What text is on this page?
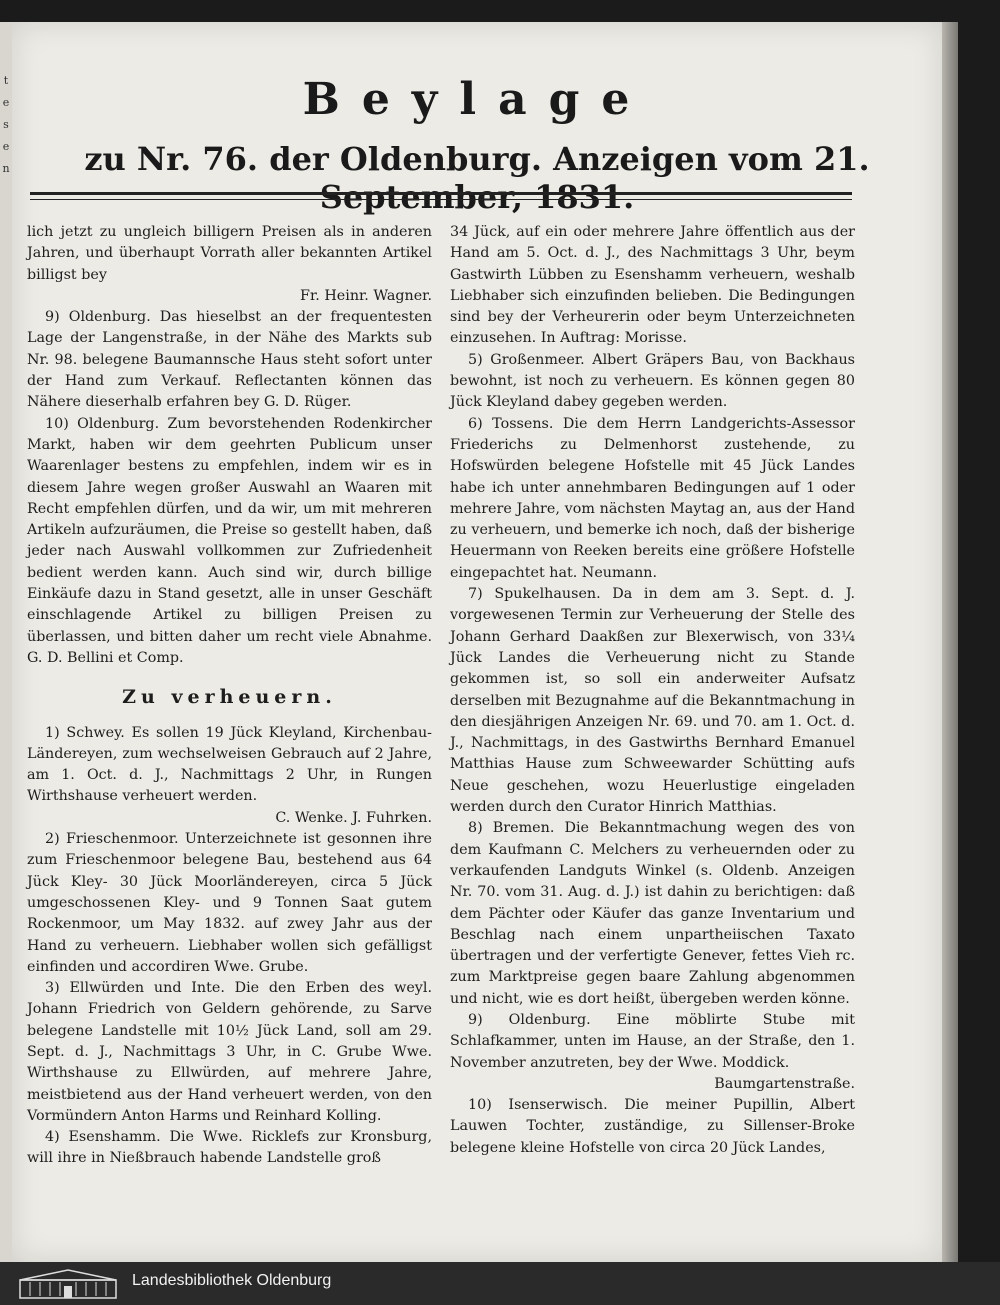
t
e
s
e
n
Beylage
zu Nr. 76. der Oldenburg. Anzeigen vom 21. September, 1831.

lich jetzt zu ungleich billigern Preisen als in anderen Jahren, und überhaupt Vorrath aller bekannten Artikel billigst bey

Fr. Heinr. Wagner.

9) Oldenburg. Das hieselbst an der frequentesten Lage der Langenstraße, in der Nähe des Markts sub Nr. 98. belegene Baumannsche Haus steht sofort unter der Hand zum Verkauf. Reflectanten können das Nähere dieserhalb erfahren bey G. D. Rüger.

10) Oldenburg. Zum bevorstehenden Rodenkircher Markt, haben wir dem geehrten Publicum unser Waarenlager bestens zu empfehlen, indem wir es in diesem Jahre wegen großer Auswahl an Waaren mit Recht empfehlen dürfen, und da wir, um mit mehreren Artikeln aufzuräumen, die Preise so gestellt haben, daß jeder nach Auswahl vollkommen zur Zufriedenheit bedient werden kann. Auch sind wir, durch billige Einkäufe dazu in Stand gesetzt, alle in unser Geschäft einschlagende Artikel zu billigen Preisen zu überlassen, und bitten daher um recht viele Abnahme. G. D. Bellini et Comp.

Zu verheuern.

1) Schwey. Es sollen 19 Jück Kleyland, Kirchenbau-Ländereyen, zum wechselweisen Gebrauch auf 2 Jahre, am 1. Oct. d. J., Nachmittags 2 Uhr, in Rungen Wirthshause verheuert werden.

C. Wenke. J. Fuhrken.

2) Frieschenmoor. Unterzeichnete ist gesonnen ihre zum Frieschenmoor belegene Bau, bestehend aus 64 Jück Kley- 30 Jück Moorländereyen, circa 5 Jück umgeschossenen Kley- und 9 Tonnen Saat gutem Rockenmoor, um May 1832. auf zwey Jahr aus der Hand zu verheuern. Liebhaber wollen sich gefälligst einfinden und accordiren Wwe. Grube.

3) Ellwürden und Inte. Die den Erben des weyl. Johann Friedrich von Geldern gehörende, zu Sarve belegene Landstelle mit 10½ Jück Land, soll am 29. Sept. d. J., Nachmittags 3 Uhr, in C. Grube Wwe. Wirthshause zu Ellwürden, auf mehrere Jahre, meistbietend aus der Hand verheuert werden, von den Vormündern Anton Harms und Reinhard Kolling.

4) Esenshamm. Die Wwe. Ricklefs zur Kronsburg, will ihre in Nießbrauch habende Landstelle groß

34 Jück, auf ein oder mehrere Jahre öffentlich aus der Hand am 5. Oct. d. J., des Nachmittags 3 Uhr, beym Gastwirth Lübben zu Esenshamm verheuern, weshalb Liebhaber sich einzufinden belieben. Die Bedingungen sind bey der Verheurerin oder beym Unterzeichneten einzusehen. In Auftrag: Morisse.

5) Großenmeer. Albert Gräpers Bau, von Backhaus bewohnt, ist noch zu verheuern. Es können gegen 80 Jück Kleyland dabey gegeben werden.

6) Tossens. Die dem Herrn Landgerichts-Assessor Friederichs zu Delmenhorst zustehende, zu Hofswürden belegene Hofstelle mit 45 Jück Landes habe ich unter annehmbaren Bedingungen auf 1 oder mehrere Jahre, vom nächsten Maytag an, aus der Hand zu verheuern, und bemerke ich noch, daß der bisherige Heuermann von Reeken bereits eine größere Hofstelle eingepachtet hat. Neumann.

7) Spukelhausen. Da in dem am 3. Sept. d. J. vorgewesenen Termin zur Verheuerung der Stelle des Johann Gerhard Daakßen zur Blexerwisch, von 33¼ Jück Landes die Verheuerung nicht zu Stande gekommen ist, so soll ein anderweiter Aufsatz derselben mit Bezugnahme auf die Bekanntmachung in den diesjährigen Anzeigen Nr. 69. und 70. am 1. Oct. d. J., Nachmittags, in des Gastwirths Bernhard Emanuel Matthias Hause zum Schweewarder Schütting aufs Neue geschehen, wozu Heuerlustige eingeladen werden durch den Curator Hinrich Matthias.

8) Bremen. Die Bekanntmachung wegen des von dem Kaufmann C. Melchers zu verheuernden oder zu verkaufenden Landguts Winkel (s. Oldenb. Anzeigen Nr. 70. vom 31. Aug. d. J.) ist dahin zu berichtigen: daß dem Pächter oder Käufer das ganze Inventarium und Beschlag nach einem unpartheiischen Taxato übertragen und der verfertigte Genever, fettes Vieh rc. zum Marktpreise gegen baare Zahlung abgenommen und nicht, wie es dort heißt, übergeben werden könne.

9) Oldenburg. Eine möblirte Stube mit Schlafkammer, unten im Hause, an der Straße, den 1. November anzutreten, bey der Wwe. Moddick.

Baumgartenstraße.

10) Isenserwisch. Die meiner Pupillin, Albert Lauwen Tochter, zuständige, zu Sillenser-Broke belegene kleine Hofstelle von circa 20 Jück Landes,

Landesbibliothek Oldenburg
